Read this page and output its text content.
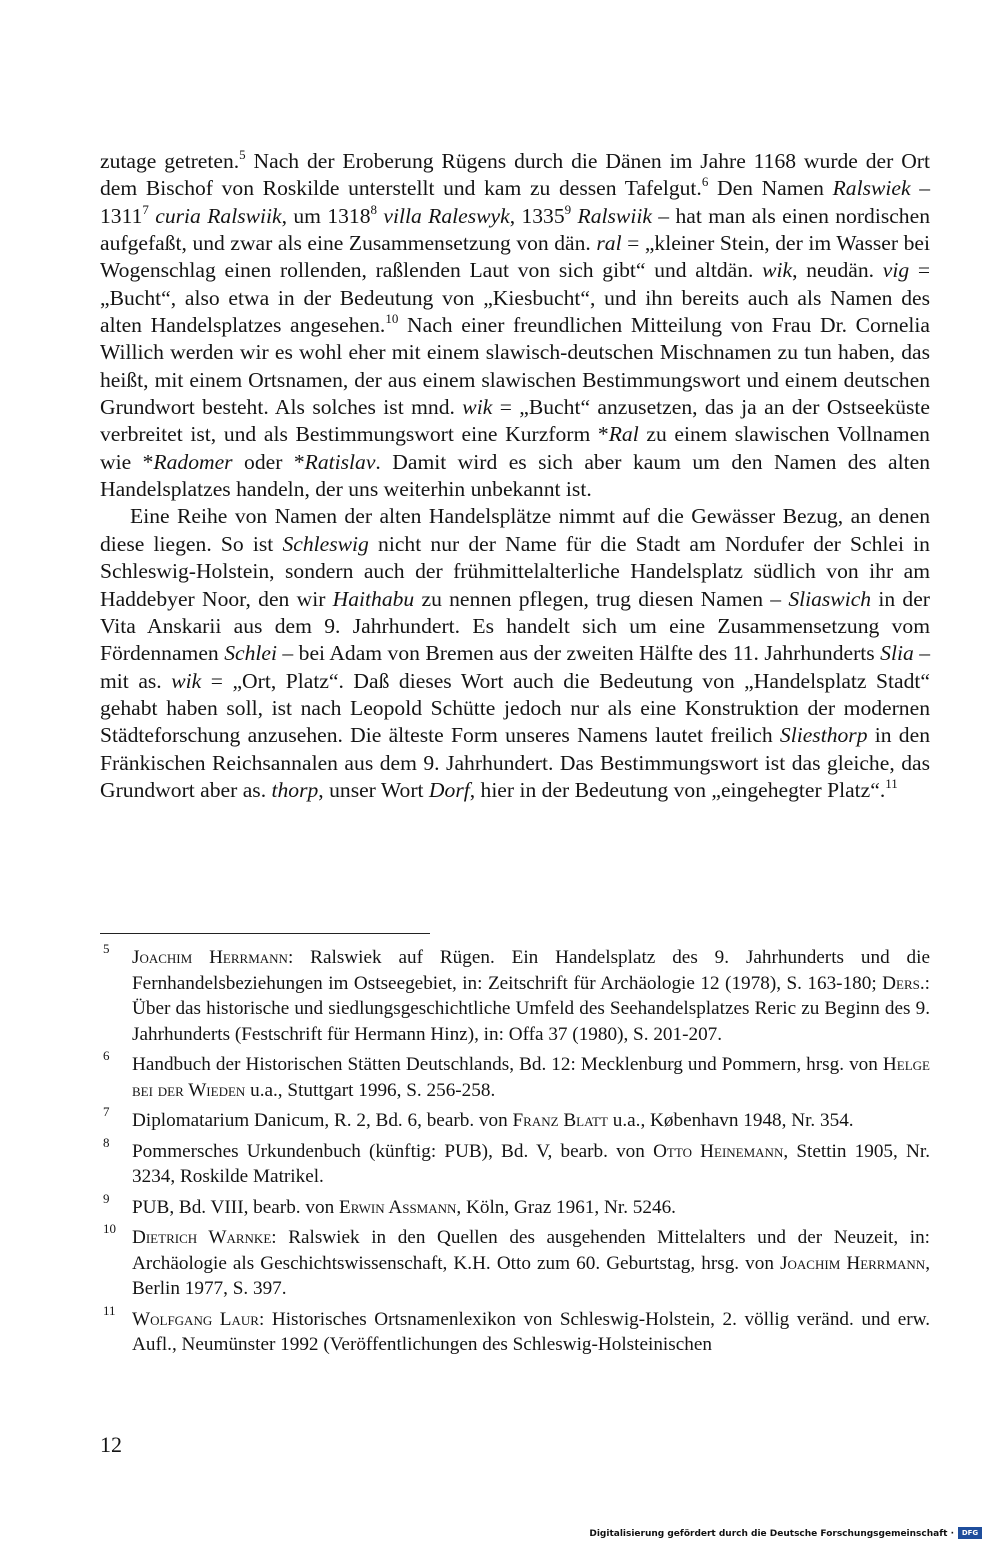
zutage getreten.$^5$ Nach der Eroberung Rügens durch die Dänen im Jahre 1168 wurde der Ort dem Bischof von Roskilde unterstellt und kam zu dessen Tafelgut.$^6$ Den Namen Ralswiek – 1311$^7$ curia Ralswiik, um 1318$^8$ villa Raleswyk, 1335$^9$ Ralswiik – hat man als einen nordischen aufgefaßt, und zwar als eine Zusammensetzung von dän. ral = „kleiner Stein, der im Wasser bei Wogenschlag einen rollenden, raßlenden Laut von sich gibt“ und altdän. wik, neudän. vig = „Bucht“, also etwa in der Bedeutung von „Kiesbucht“, und ihn bereits auch als Namen des alten Handelsplatzes angesehen.$^{10}$ Nach einer freundlichen Mitteilung von Frau Dr. Cornelia Willich werden wir es wohl eher mit einem slawisch-deutschen Mischnamen zu tun haben, das heißt, mit einem Ortsnamen, der aus einem slawischen Bestimmungswort und einem deutschen Grundwort besteht. Als solches ist mnd. wik = „Bucht“ anzusetzen, das ja an der Ostseeküste verbreitet ist, und als Bestimmungswort eine Kurzform *Ral zu einem slawischen Vollnamen wie *Radomer oder *Ratislav. Damit wird es sich aber kaum um den Namen des alten Handelsplatzes handeln, der uns weiterhin unbekannt ist.

Eine Reihe von Namen der alten Handelsplätze nimmt auf die Gewässer Bezug, an denen diese liegen. So ist Schleswig nicht nur der Name für die Stadt am Nordufer der Schlei in Schleswig-Holstein, sondern auch der frühmittelalterliche Handelsplatz südlich von ihr am Haddebyer Noor, den wir Haithabu zu nennen pflegen, trug diesen Namen – Sliaswich in der Vita Anskarii aus dem 9. Jahrhundert. Es handelt sich um eine Zusammensetzung vom Fördennamen Schlei – bei Adam von Bremen aus der zweiten Hälfte des 11. Jahrhunderts Slia – mit as. wik = „Ort, Platz“. Daß dieses Wort auch die Bedeutung von „Handelsplatz Stadt“ gehabt haben soll, ist nach Leopold Schütte jedoch nur als eine Konstruktion der modernen Städteforschung anzusehen. Die älteste Form unseres Namens lautet freilich Sliesthorp in den Fränkischen Reichsannalen aus dem 9. Jahrhundert. Das Bestimmungswort ist das gleiche, das Grundwort aber as. thorp, unser Wort Dorf, hier in der Bedeutung von „eingehegter Platz“.$^{11}$

5 Joachim Herrmann: Ralswiek auf Rügen. Ein Handelsplatz des 9. Jahrhunderts und die Fernhandelsbeziehungen im Ostseegebiet, in: Zeitschrift für Archäologie 12 (1978), S. 163-180; Ders.: Über das historische und siedlungsgeschichtliche Umfeld des Seehandelsplatzes Reric zu Beginn des 9. Jahrhunderts (Festschrift für Hermann Hinz), in: Offa 37 (1980), S. 201-207.
6 Handbuch der Historischen Stätten Deutschlands, Bd. 12: Mecklenburg und Pommern, hrsg. von Helge bei der Wieden u.a., Stuttgart 1996, S. 256-258.
7 Diplomatarium Danicum, R. 2, Bd. 6, bearb. von Franz Blatt u.a., København 1948, Nr. 354.
8 Pommersches Urkundenbuch (künftig: PUB), Bd. V, bearb. von Otto Heinemann, Stettin 1905, Nr. 3234, Roskilde Matrikel.
9 PUB, Bd. VIII, bearb. von Erwin Assmann, Köln, Graz 1961, Nr. 5246.
10 Dietrich Warnke: Ralswiek in den Quellen des ausgehenden Mittelalters und der Neuzeit, in: Archäologie als Geschichtswissenschaft, K.H. Otto zum 60. Geburtstag, hrsg. von Joachim Herrmann, Berlin 1977, S. 397.
11 Wolfgang Laur: Historisches Ortsnamenlexikon von Schleswig-Holstein, 2. völlig veränd. und erw. Aufl., Neumünster 1992 (Veröffentlichungen des Schleswig-Holsteinischen
12
Digitalisierung gefördert durch die Deutsche Forschungsgemeinschaft ·	DFG
